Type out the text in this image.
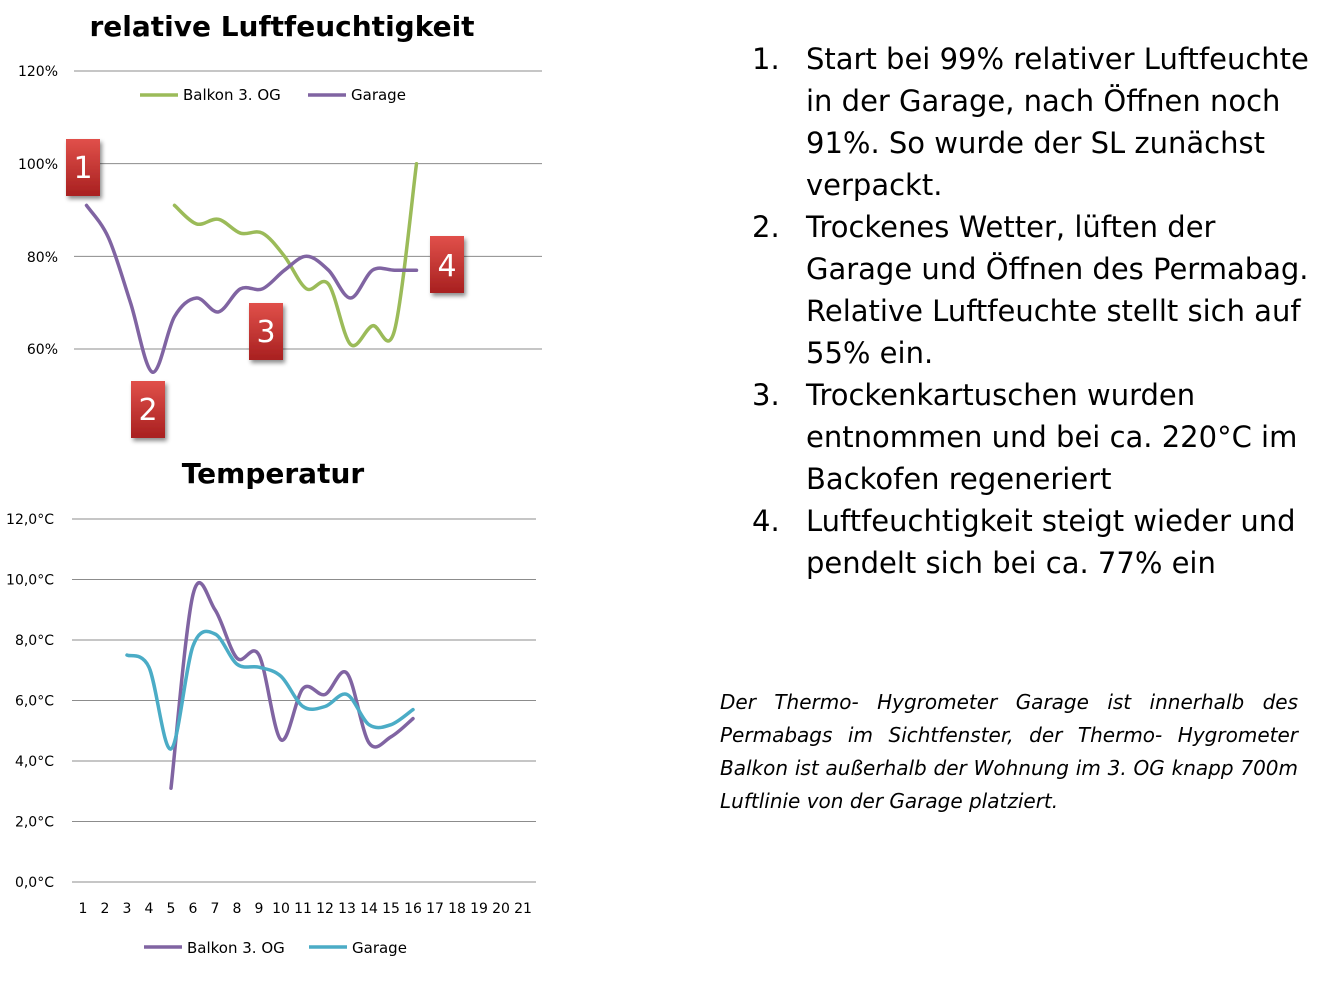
relative Luftfeuchtigkeit
120%
100%
80%
60%
Balkon 3. OG	Garage
1
2
3
4
Temperatur
12,0°C
10,0°C
8,0°C
6,0°C
4,0°C
2,0°C
0,0°C
1 2 3 4 5 6 7 8 9 10 11 12 13 14 15 16 17 18 19 20 21
Balkon 3. OG	Garage
1. Start bei 99% relativer Luftfeuchte in der Garage, nach Öffnen noch 91%. So wurde der SL zunächst verpackt.
2. Trockenes Wetter, lüften der Garage und Öffnen des Permabag. Relative Luftfeuchte stellt sich auf 55% ein.
3. Trockenkartuschen wurden entnommen und bei ca. 220°C im Backofen regeneriert
4. Luftfeuchtigkeit steigt wieder und pendelt sich bei ca. 77% ein

Der Thermo- Hygrometer Garage ist innerhalb des Permabags im Sichtfenster, der Thermo- Hygrometer Balkon ist außerhalb der Wohnung im 3. OG knapp 700m Luftlinie von der Garage platziert.
